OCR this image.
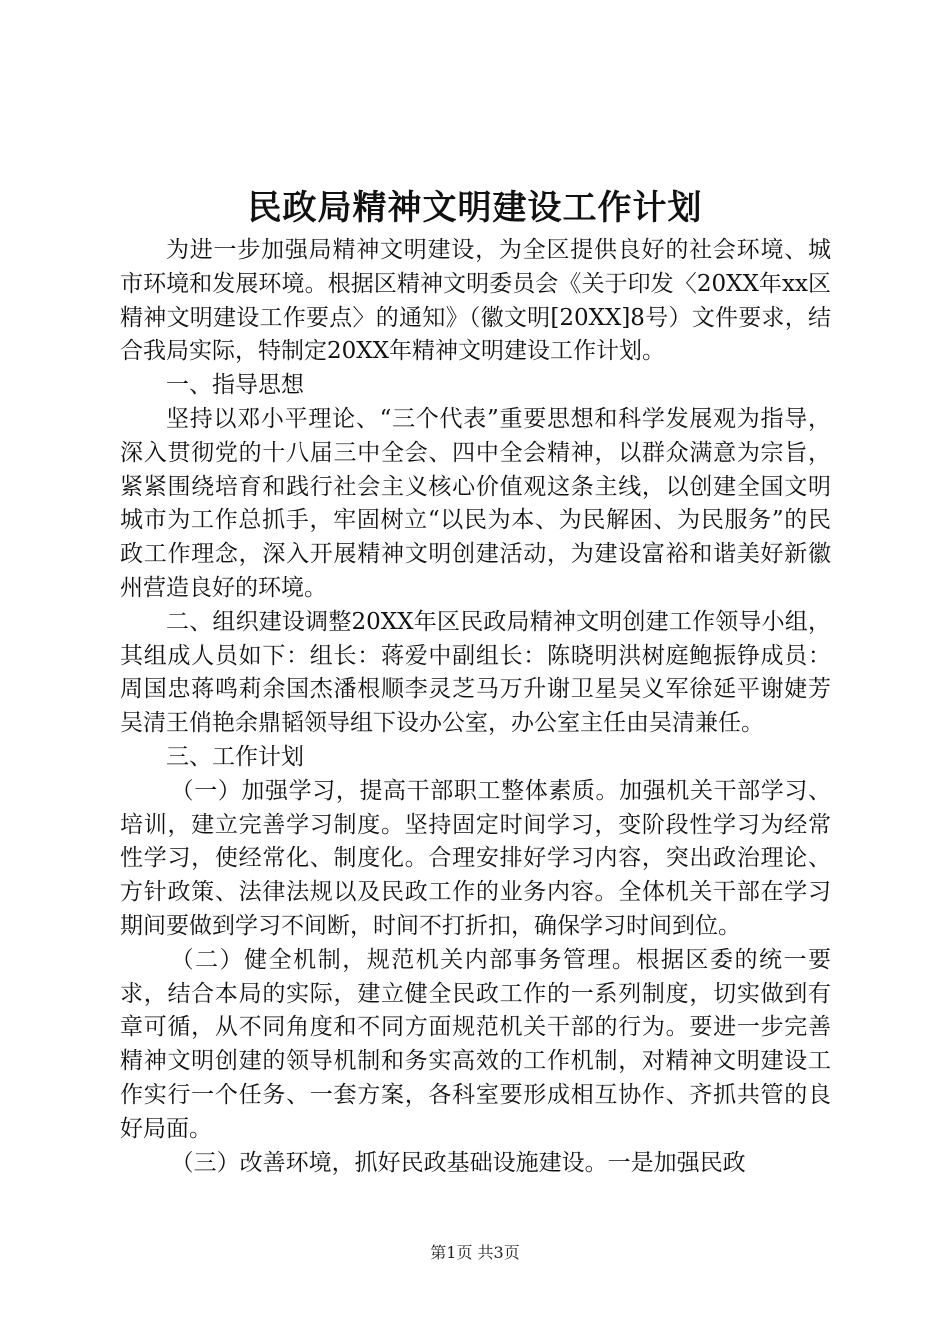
民政局精神文明建设工作计划

为进一步加强局精神文明建设，为全区提供良好的社会环境、城市环境和发展环境。根据区精神文明委员会《关于印发〈20XX年xx区精神文明建设工作要点〉的通知》（徽文明[20XX]8号）文件要求，结合我局实际，特制定20XX年精神文明建设工作计划。

一、指导思想

坚持以邓小平理论、“三个代表”重要思想和科学发展观为指导，深入贯彻党的十八届三中全会、四中全会精神，以群众满意为宗旨，紧紧围绕培育和践行社会主义核心价值观这条主线，以创建全国文明城市为工作总抓手，牢固树立“以民为本、为民解困、为民服务”的民政工作理念，深入开展精神文明创建活动，为建设富裕和谐美好新徽州营造良好的环境。

二、组织建设调整20XX年区民政局精神文明创建工作领导小组，其组成人员如下：组长：蒋爱中副组长：陈晓明洪树庭鲍振铮成员：周国忠蒋鸣莉余国杰潘根顺李灵芝马万升谢卫星吴义军徐延平谢婕芳吴清王俏艳余鼎韬领导组下设办公室，办公室主任由吴清兼任。

三、工作计划

（一）加强学习，提高干部职工整体素质。加强机关干部学习、培训，建立完善学习制度。坚持固定时间学习，变阶段性学习为经常性学习，使经常化、制度化。合理安排好学习内容，突出政治理论、方针政策、法律法规以及民政工作的业务内容。全体机关干部在学习期间要做到学习不间断，时间不打折扣，确保学习时间到位。

（二）健全机制，规范机关内部事务管理。根据区委的统一要求，结合本局的实际，建立健全民政工作的一系列制度，切实做到有章可循，从不同角度和不同方面规范机关干部的行为。要进一步完善精神文明创建的领导机制和务实高效的工作机制，对精神文明建设工作实行一个任务、一套方案，各科室要形成相互协作、齐抓共管的良好局面。

（三）改善环境，抓好民政基础设施建设。一是加强民政

第1页 共3页
